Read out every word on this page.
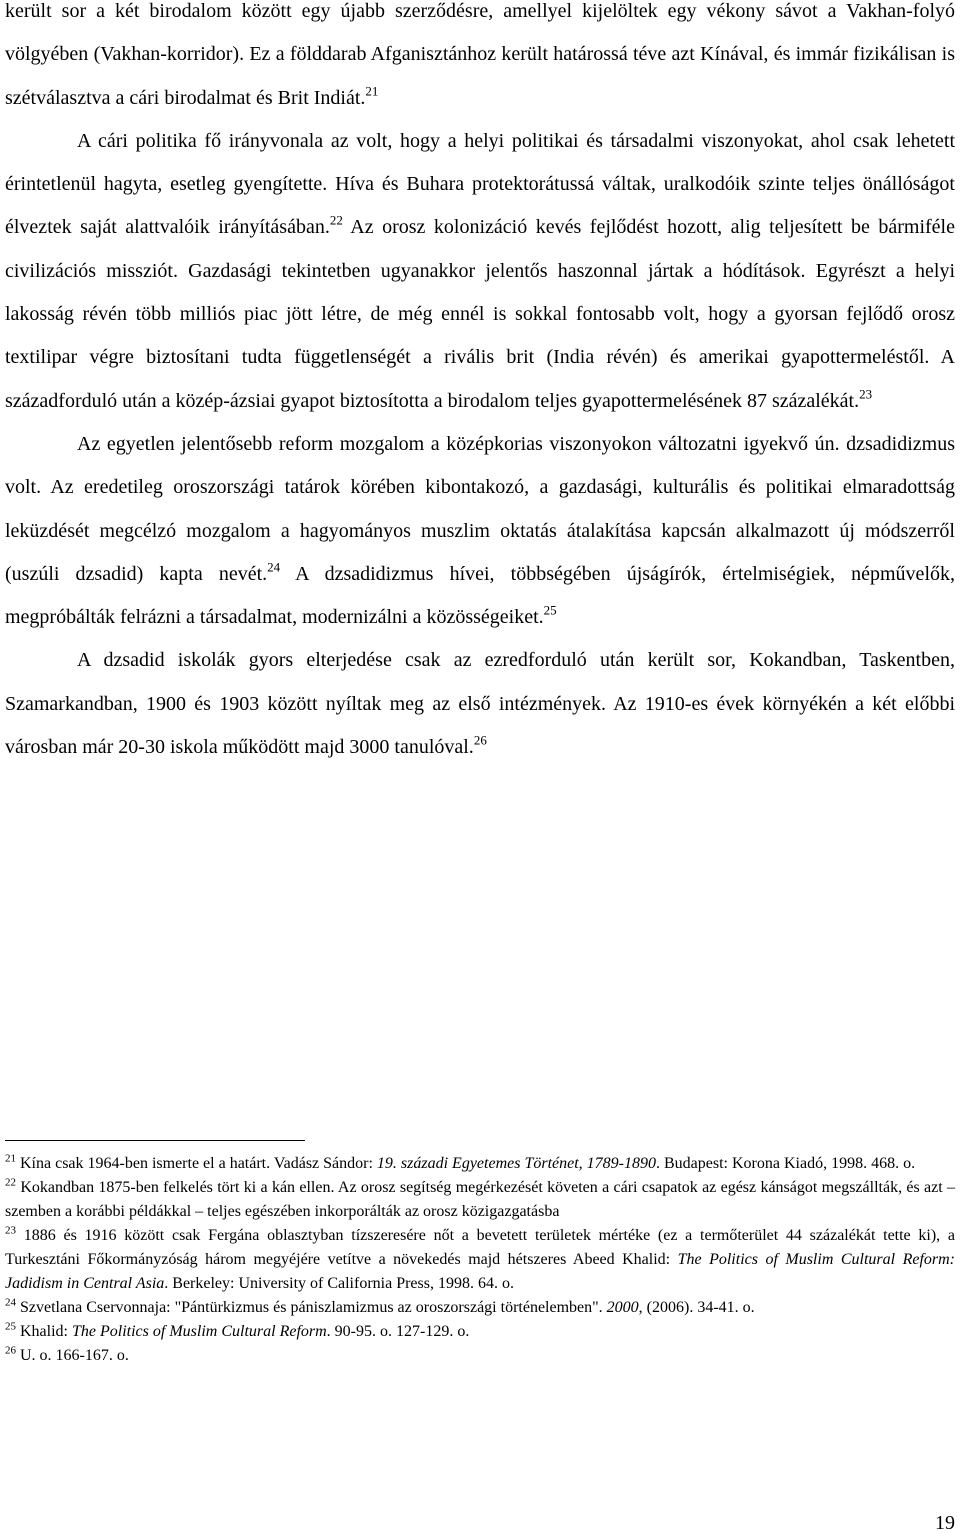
került sor a két birodalom között egy újabb szerződésre, amellyel kijelöltek egy vékony sávot a Vakhan-folyó völgyében (Vakhan-korridor). Ez a földdarab Afganisztánhoz került határossá téve azt Kínával, és immár fizikálisan is szétválasztva a cári birodalmat és Brit Indiát.$^{21}$

A cári politika fő irányvonala az volt, hogy a helyi politikai és társadalmi viszonyokat, ahol csak lehetett érintetlenül hagyta, esetleg gyengítette. Híva és Buhara protektorátussá váltak, uralkodóik szinte teljes önállóságot élveztek saját alattvalóik irányításában.$^{22}$ Az orosz kolonizáció kevés fejlődést hozott, alig teljesített be bármiféle civilizációs missziót. Gazdasági tekintetben ugyanakkor jelentős haszonnal jártak a hódítások. Egyrészt a helyi lakosság révén több milliós piac jött létre, de még ennél is sokkal fontosabb volt, hogy a gyorsan fejlődő orosz textilipar végre biztosítani tudta függetlenségét a rivális brit (India révén) és amerikai gyapottermeléstől. A századforduló után a közép-ázsiai gyapot biztosította a birodalom teljes gyapottermelésének 87 százalékát.$^{23}$

Az egyetlen jelentősebb reform mozgalom a középkorias viszonyokon változatni igyekvő ún. dzsadidizmus volt. Az eredetileg oroszországi tatárok körében kibontakozó, a gazdasági, kulturális és politikai elmaradottság leküzdését megcélzó mozgalom a hagyományos muszlim oktatás átalakítása kapcsán alkalmazott új módszerről (uszúli dzsadid) kapta nevét.$^{24}$ A dzsadidizmus hívei, többségében újságírók, értelmiségiek, népművelők, megpróbálták felrázni a társadalmat, modernizálni a közösségeiket.$^{25}$

A dzsadid iskolák gyors elterjedése csak az ezredforduló után került sor, Kokandban, Taskentben, Szamarkandban, 1900 és 1903 között nyíltak meg az első intézmények. Az 1910-es évek környékén a két előbbi városban már 20-30 iskola működött majd 3000 tanulóval.$^{26}$

$^{21}$ Kína csak 1964-ben ismerte el a határt. Vadász Sándor: 19. századi Egyetemes Történet, 1789-1890. Budapest: Korona Kiadó, 1998. 468. o.

$^{22}$ Kokandban 1875-ben felkelés tört ki a kán ellen. Az orosz segítség megérkezését követen a cári csapatok az egész kánságot megszállták, és azt – szemben a korábbi példákkal – teljes egészében inkorporálták az orosz közigazgatásba

$^{23}$ 1886 és 1916 között csak Fergána oblasztyban tízszeresére nőt a bevetett területek mértéke (ez a termőterület 44 százalékát tette ki), a Turkesztáni Főkormányzóság három megyéjére vetítve a növekedés majd hétszeres Abeed Khalid: The Politics of Muslim Cultural Reform: Jadidism in Central Asia. Berkeley: University of California Press, 1998. 64. o.

$^{24}$ Szvetlana Cservonnaja: "Pántürkizmus és pániszlamizmus az oroszországi történelemben". 2000, (2006). 34-41. o.

$^{25}$ Khalid: The Politics of Muslim Cultural Reform. 90-95. o. 127-129. o.

$^{26}$ U. o. 166-167. o.

19
